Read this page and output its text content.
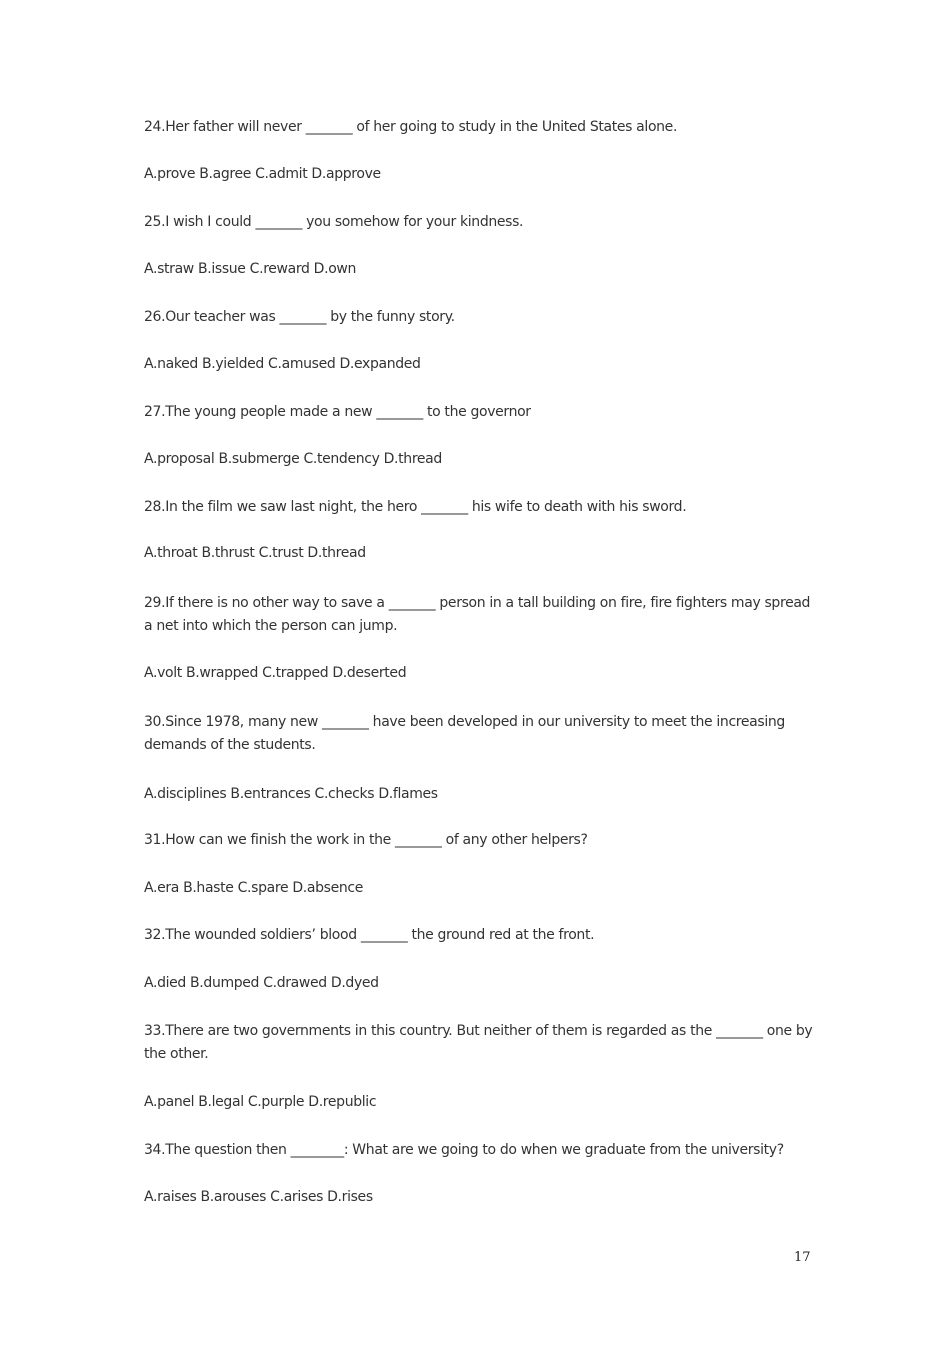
24.Her father will never _______ of her going to study in the United States alone.

A.prove B.agree C.admit D.approve

25.I wish I could _______ you somehow for your kindness.

A.straw B.issue C.reward D.own

26.Our teacher was _______ by the funny story.

A.naked B.yielded C.amused D.expanded

27.The young people made a new _______ to the governor

A.proposal B.submerge C.tendency D.thread

28.In the film we saw last night, the hero _______ his wife to death with his sword.

A.throat B.thrust C.trust D.thread

29.If there is no other way to save a _______ person in a tall building on fire, fire fighters may spread a net into which the person can jump.

A.volt B.wrapped C.trapped D.deserted

30.Since 1978, many new _______ have been developed in our university to meet the increasing demands of the students.

A.disciplines B.entrances C.checks D.flames

31.How can we finish the work in the _______ of any other helpers?

A.era B.haste C.spare D.absence

32.The wounded soldiers’ blood _______ the ground red at the front.

A.died B.dumped C.drawed D.dyed

33.There are two governments in this country. But neither of them is regarded as the _______ one by the other.

A.panel B.legal C.purple D.republic

34.The question then ________: What are we going to do when we graduate from the university?

A.raises B.arouses C.arises D.rises

17
